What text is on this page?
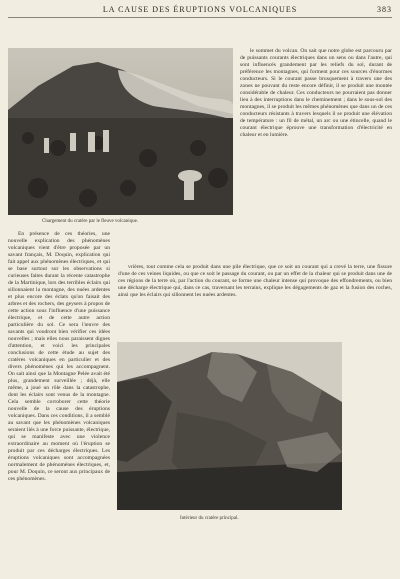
LA CAUSE DES ÉRUPTIONS VOLCANIQUES	383
Chargement du cratère par le fleuve volcanique.

le sommet du volcan. On sait que notre globe est parcouru par de puissants courants électriques dans un sens ou dans l'autre, qui sont influencés grandement par les reliefs du sol, durant de préférence les montagnes, qui forment pour ces sources d'énormes conducteurs. Si le courant passe brusquement à travers une des zones ne pouvant du reste encore définir, il se produit une montée considérable de chaleur. Ces conducteurs ne pourraient pas donner lieu à des interruptions dans le cheminement ; dans le sous-sol des montagnes, il se produit les mêmes phénomènes que dans un de ces conducteurs résistants à travers lesquels il se produit une élévation de température : un fil de métal, un arc ou une étincelle, quand le courant électrique éprouve une transformation d'électricité en chaleur et en lumière.

En présence de ces théories, une nouvelle explication des phénomènes volcaniques vient d'être proposée par un savant français, M. Doquin, explication qui fait appel aux phénomènes électriques, et qui se base surtout sur les observations si curieuses faites durant la récente catastrophe de la Martinique, lors des terribles éclairs qui sillonnaient la montagne, des nuées ardentes et plus encore des éclats qu'on faisait des arbres et des rochers, des geysers à propos de cette action sous l'influence d'une puissance électrique, et de cette autre action particulière du sol. Ce sera l'œuvre des savants qui voudront bien vérifier ces idées nouvelles ; mais elles nous paraissent dignes d'attention, et voici les principales conclusions de cette étude au sujet des cratères volcaniques en particulier et des divers phénomènes qui les accompagnent. On sait ainsi que la Montagne Pelée avait été plus, grandement surveillée ; déjà, elle même, a joué un rôle dans la catastrophe, dont les éclairs sont venus de la montagne. Cela semble corroborer cette théorie nouvelle de la cause des éruptions volcaniques. Dans ces conditions, il a semblé au savant que les phénomènes volcaniques seraient liés à une force puissante, électrique, qui se manifeste avec une violence extraordinaire au moment où l'éruption se produit par ces décharges électriques. Les éruptions volcaniques sont accompagnées normalement de phénomènes électriques, et, pour M. Doquin, ce seront aux principaux de ces phénomènes.

vrières, tout comme cela se produit dans une pile électrique, que ce soit un courant qui a crevé la terre, une fissure d'une de ces veines liquides, ou que ce soit le passage du courant, ou par un effet de la chaleur qui se produit dans une de ces régions de la terre où, par l'action du courant, se forme une chaleur intense qui provoque des effondrements, ou bien une décharge électrique qui, dans ce cas, traversant les terrains, explique les dégagements de gaz et la fusion des roches, ainsi que les éclairs qui sillonnent les nuées ardentes.

Intérieur du cratère principal.
